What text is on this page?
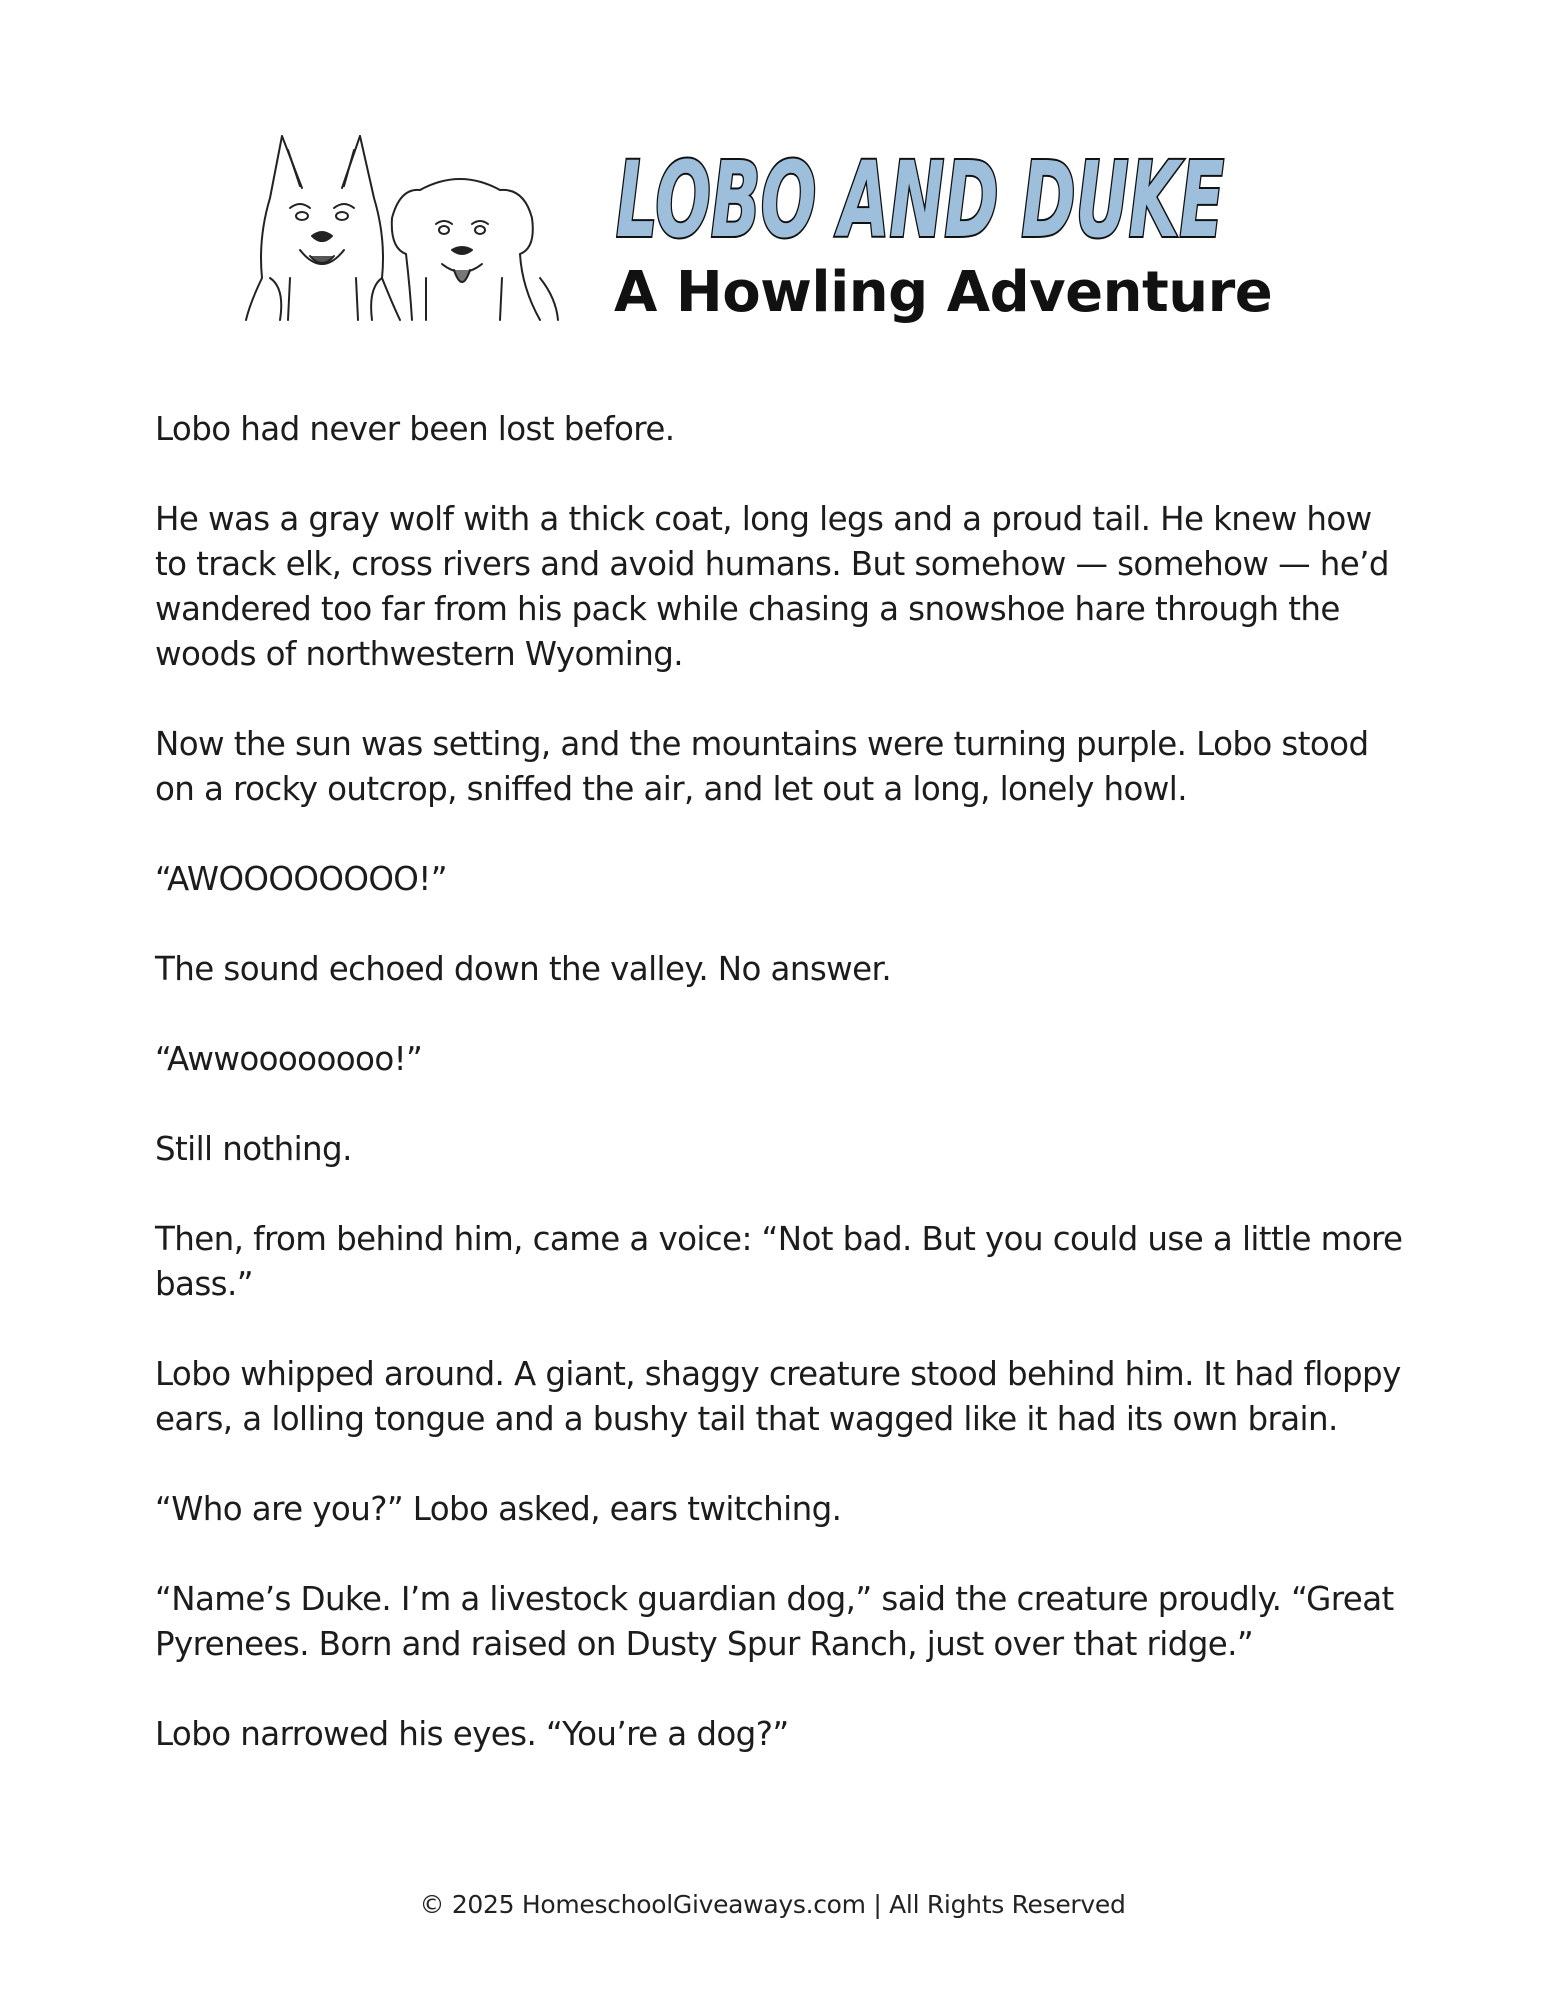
LOBO AND DUKE
A Howling Adventure

Lobo had never been lost before.

He was a gray wolf with a thick coat, long legs and a proud tail. He knew how to track elk, cross rivers and avoid humans. But somehow — somehow — he’d wandered too far from his pack while chasing a snowshoe hare through the woods of northwestern Wyoming.

Now the sun was setting, and the mountains were turning purple. Lobo stood on a rocky outcrop, sniffed the air, and let out a long, lonely howl.

“AWOOOOOOOO!”

The sound echoed down the valley. No answer.

“Awwoooooooo!”

Still nothing.

Then, from behind him, came a voice: “Not bad. But you could use a little more bass.”

Lobo whipped around. A giant, shaggy creature stood behind him. It had floppy ears, a lolling tongue and a bushy tail that wagged like it had its own brain.

“Who are you?” Lobo asked, ears twitching.

“Name’s Duke. I’m a livestock guardian dog,” said the creature proudly. “Great Pyrenees. Born and raised on Dusty Spur Ranch, just over that ridge.”

Lobo narrowed his eyes. “You’re a dog?”

© 2025 HomeschoolGiveaways.com | All Rights Reserved
